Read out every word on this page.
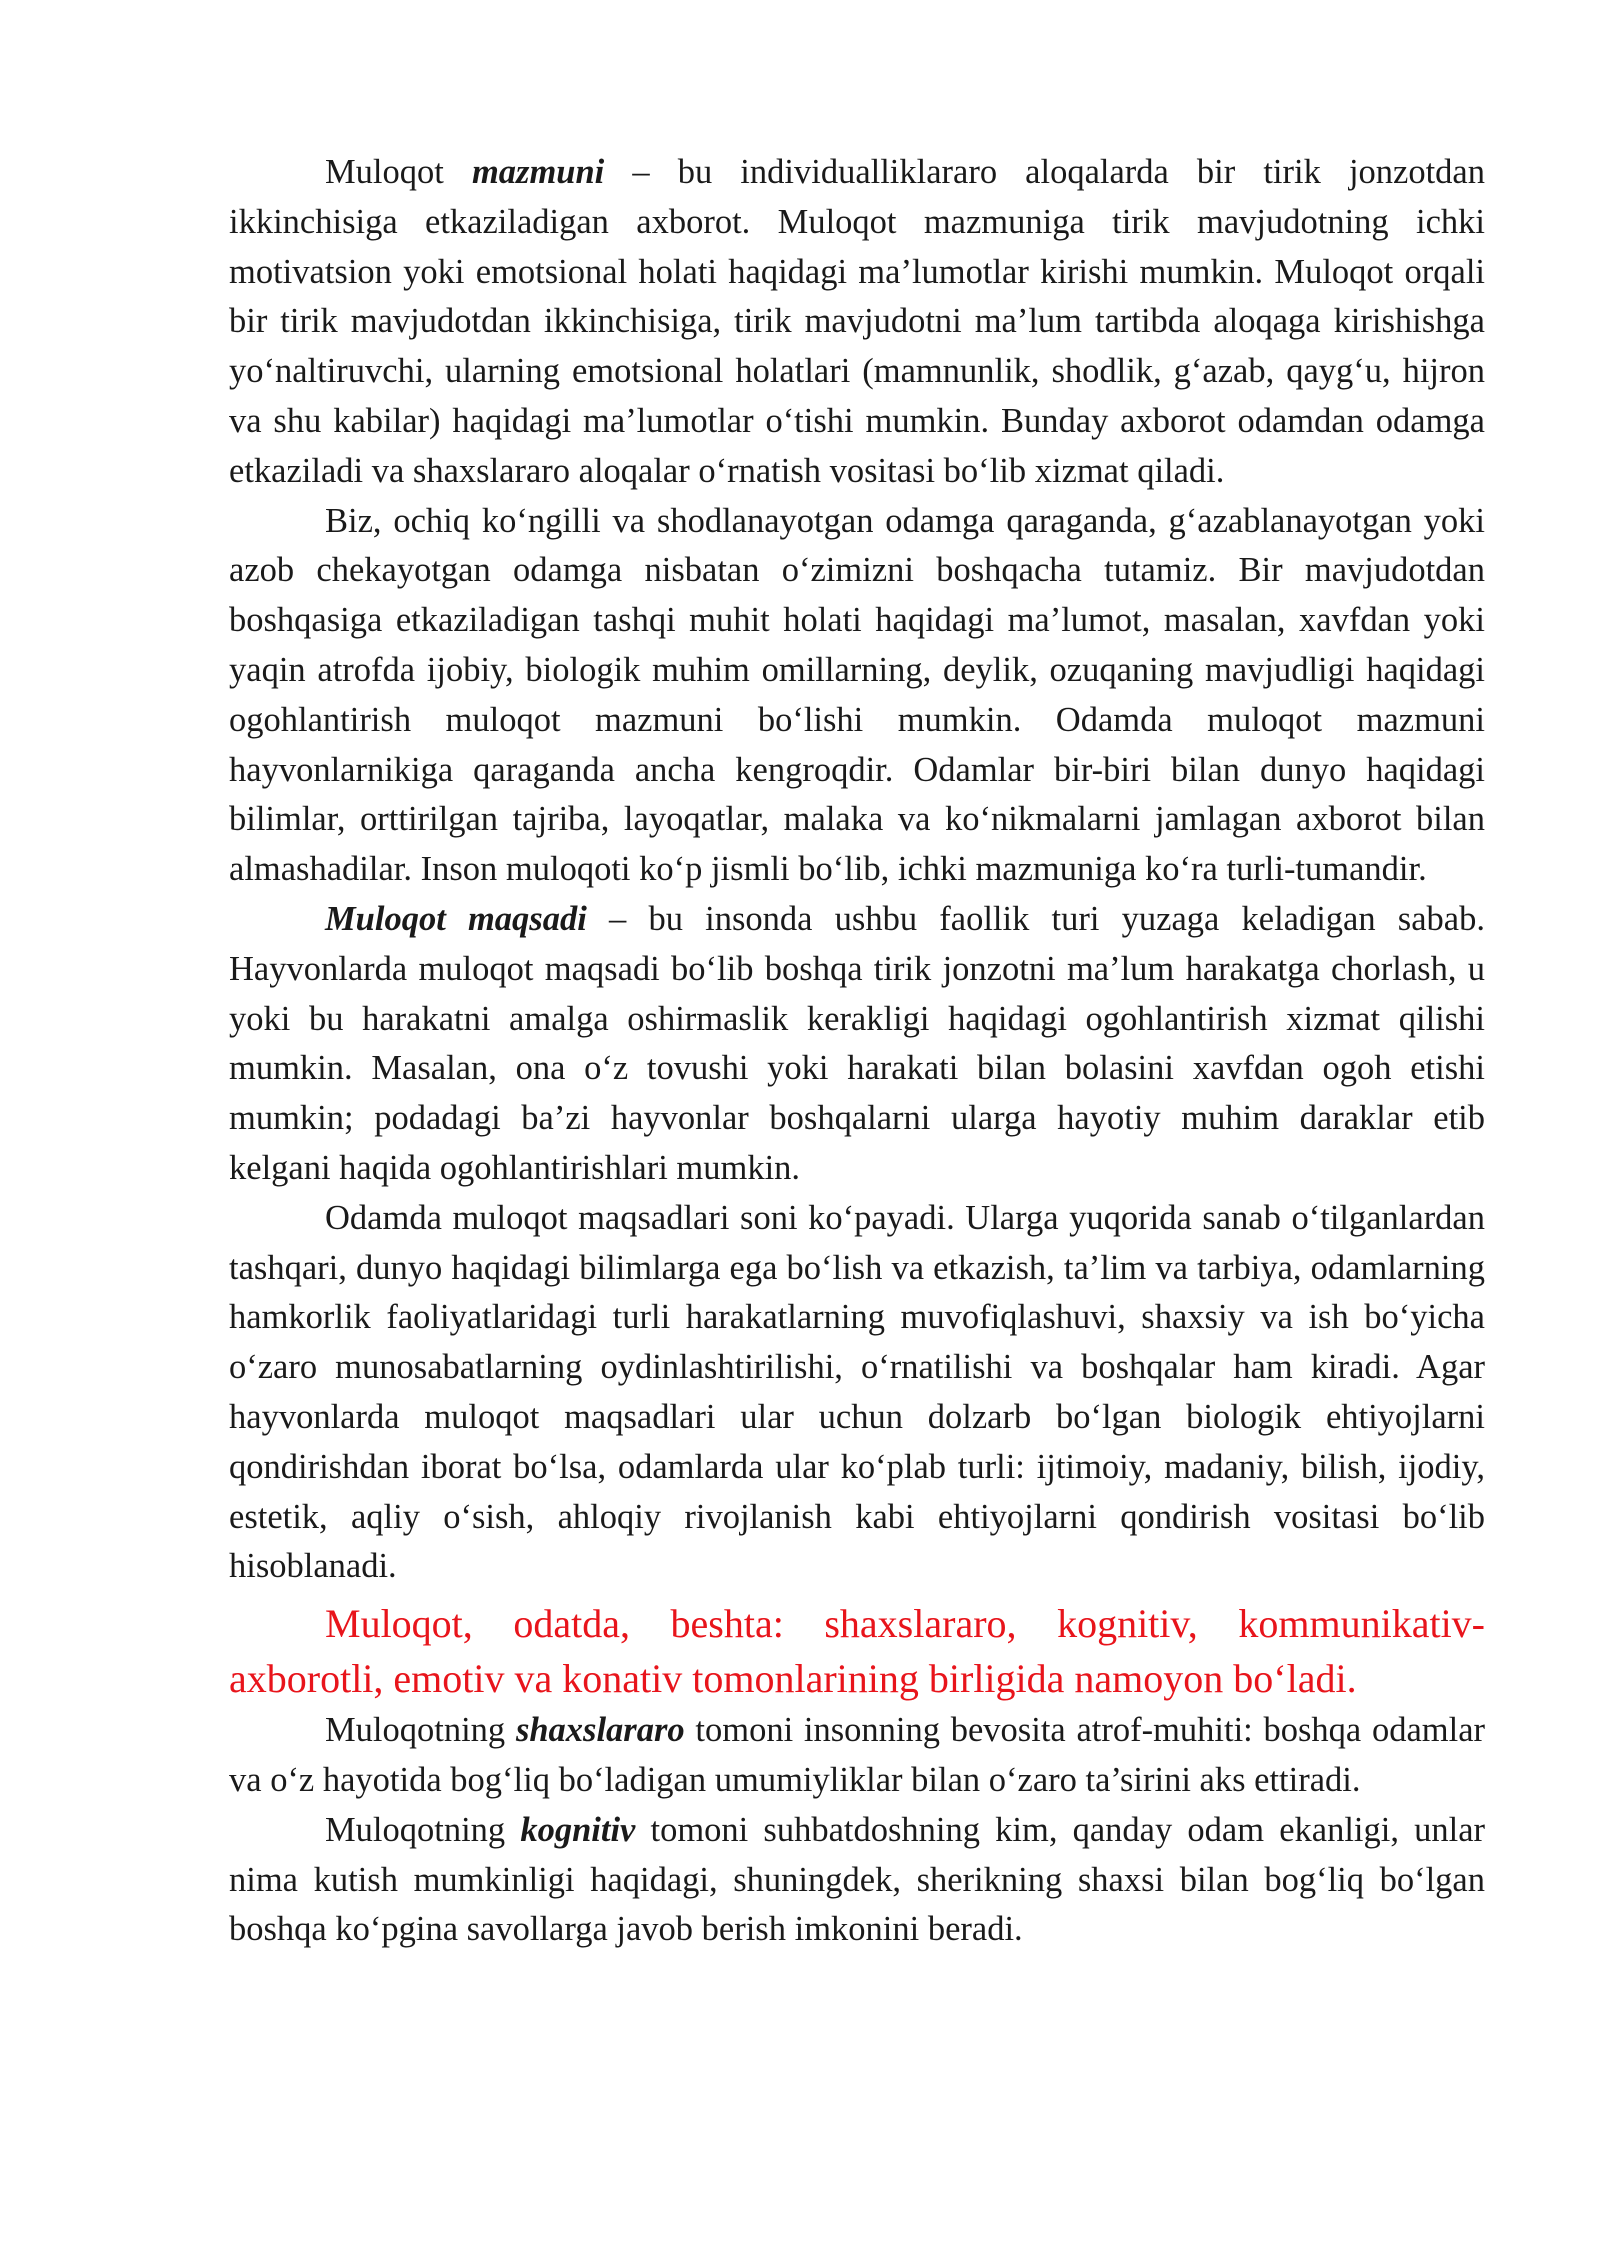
Muloqot mazmuni – bu individualliklararo aloqalarda bir tirik jonzotdan ikkinchisiga etkaziladigan axborot. Muloqot mazmuniga tirik mavjudotning ichki motivatsion yoki emotsional holati haqidagi ma’lumotlar kirishi mumkin. Muloqot orqali bir tirik mavjudotdan ikkinchisiga, tirik mavjudotni ma’lum tartibda aloqaga kirishishga yo‘naltiruvchi, ularning emotsional holatlari (mamnunlik, shodlik, g‘azab, qayg‘u, hijron va shu kabilar) haqidagi ma’lumotlar o‘tishi mumkin. Bunday axborot odamdan odamga etkaziladi va shaxslararo aloqalar o‘rnatish vositasi bo‘lib xizmat qiladi.

Biz, ochiq ko‘ngilli va shodlanayotgan odamga qaraganda, g‘azablanayotgan yoki azob chekayotgan odamga nisbatan o‘zimizni boshqacha tutamiz. Bir mavjudotdan boshqasiga etkaziladigan tashqi muhit holati haqidagi ma’lumot, masalan, xavfdan yoki yaqin atrofda ijobiy, biologik muhim omillarning, deylik, ozuqaning mavjudligi haqidagi ogohlantirish muloqot mazmuni bo‘lishi mumkin. Odamda muloqot mazmuni hayvonlarnikiga qaraganda ancha kengroqdir. Odamlar bir-biri bilan dunyo haqidagi bilimlar, orttirilgan tajriba, layoqatlar, malaka va ko‘nikmalarni jamlagan axborot bilan almashadilar. Inson muloqoti ko‘p jismli bo‘lib, ichki mazmuniga ko‘ra turli-tumandir.

Muloqot maqsadi – bu insonda ushbu faollik turi yuzaga keladigan sabab. Hayvonlarda muloqot maqsadi bo‘lib boshqa tirik jonzotni ma’lum harakatga chorlash, u yoki bu harakatni amalga oshirmaslik kerakligi haqidagi ogohlantirish xizmat qilishi mumkin. Masalan, ona o‘z tovushi yoki harakati bilan bolasini xavfdan ogoh etishi mumkin; podadagi ba’zi hayvonlar boshqalarni ularga hayotiy muhim daraklar etib kelgani haqida ogohlantirishlari mumkin.

Odamda muloqot maqsadlari soni ko‘payadi. Ularga yuqorida sanab o‘tilganlardan tashqari, dunyo haqidagi bilimlarga ega bo‘lish va etkazish, ta’lim va tarbiya, odamlarning hamkorlik faoliyatlaridagi turli harakatlarning muvofiqlashuvi, shaxsiy va ish bo‘yicha o‘zaro munosabatlarning oydinlashtirilishi, o‘rnatilishi va boshqalar ham kiradi. Agar hayvonlarda muloqot maqsadlari ular uchun dolzarb bo‘lgan biologik ehtiyojlarni qondirishdan iborat bo‘lsa, odamlarda ular ko‘plab turli: ijtimoiy, madaniy, bilish, ijodiy, estetik, aqliy o‘sish, ahloqiy rivojlanish kabi ehtiyojlarni qondirish vositasi bo‘lib hisoblanadi.

Muloqot, odatda, beshta: shaxslararo, kognitiv, kommunikativ-axborotli, emotiv va konativ tomonlarining birligida namoyon bo‘ladi.

Muloqotning shaxslararo tomoni insonning bevosita atrof-muhiti: boshqa odamlar va o‘z hayotida bog‘liq bo‘ladigan umumiyliklar bilan o‘zaro ta’sirini aks ettiradi.

Muloqotning kognitiv tomoni suhbatdoshning kim, qanday odam ekanligi, unlar nima kutish mumkinligi haqidagi, shuningdek, sherikning shaxsi bilan bog‘liq bo‘lgan boshqa ko‘pgina savollarga javob berish imkonini beradi.
